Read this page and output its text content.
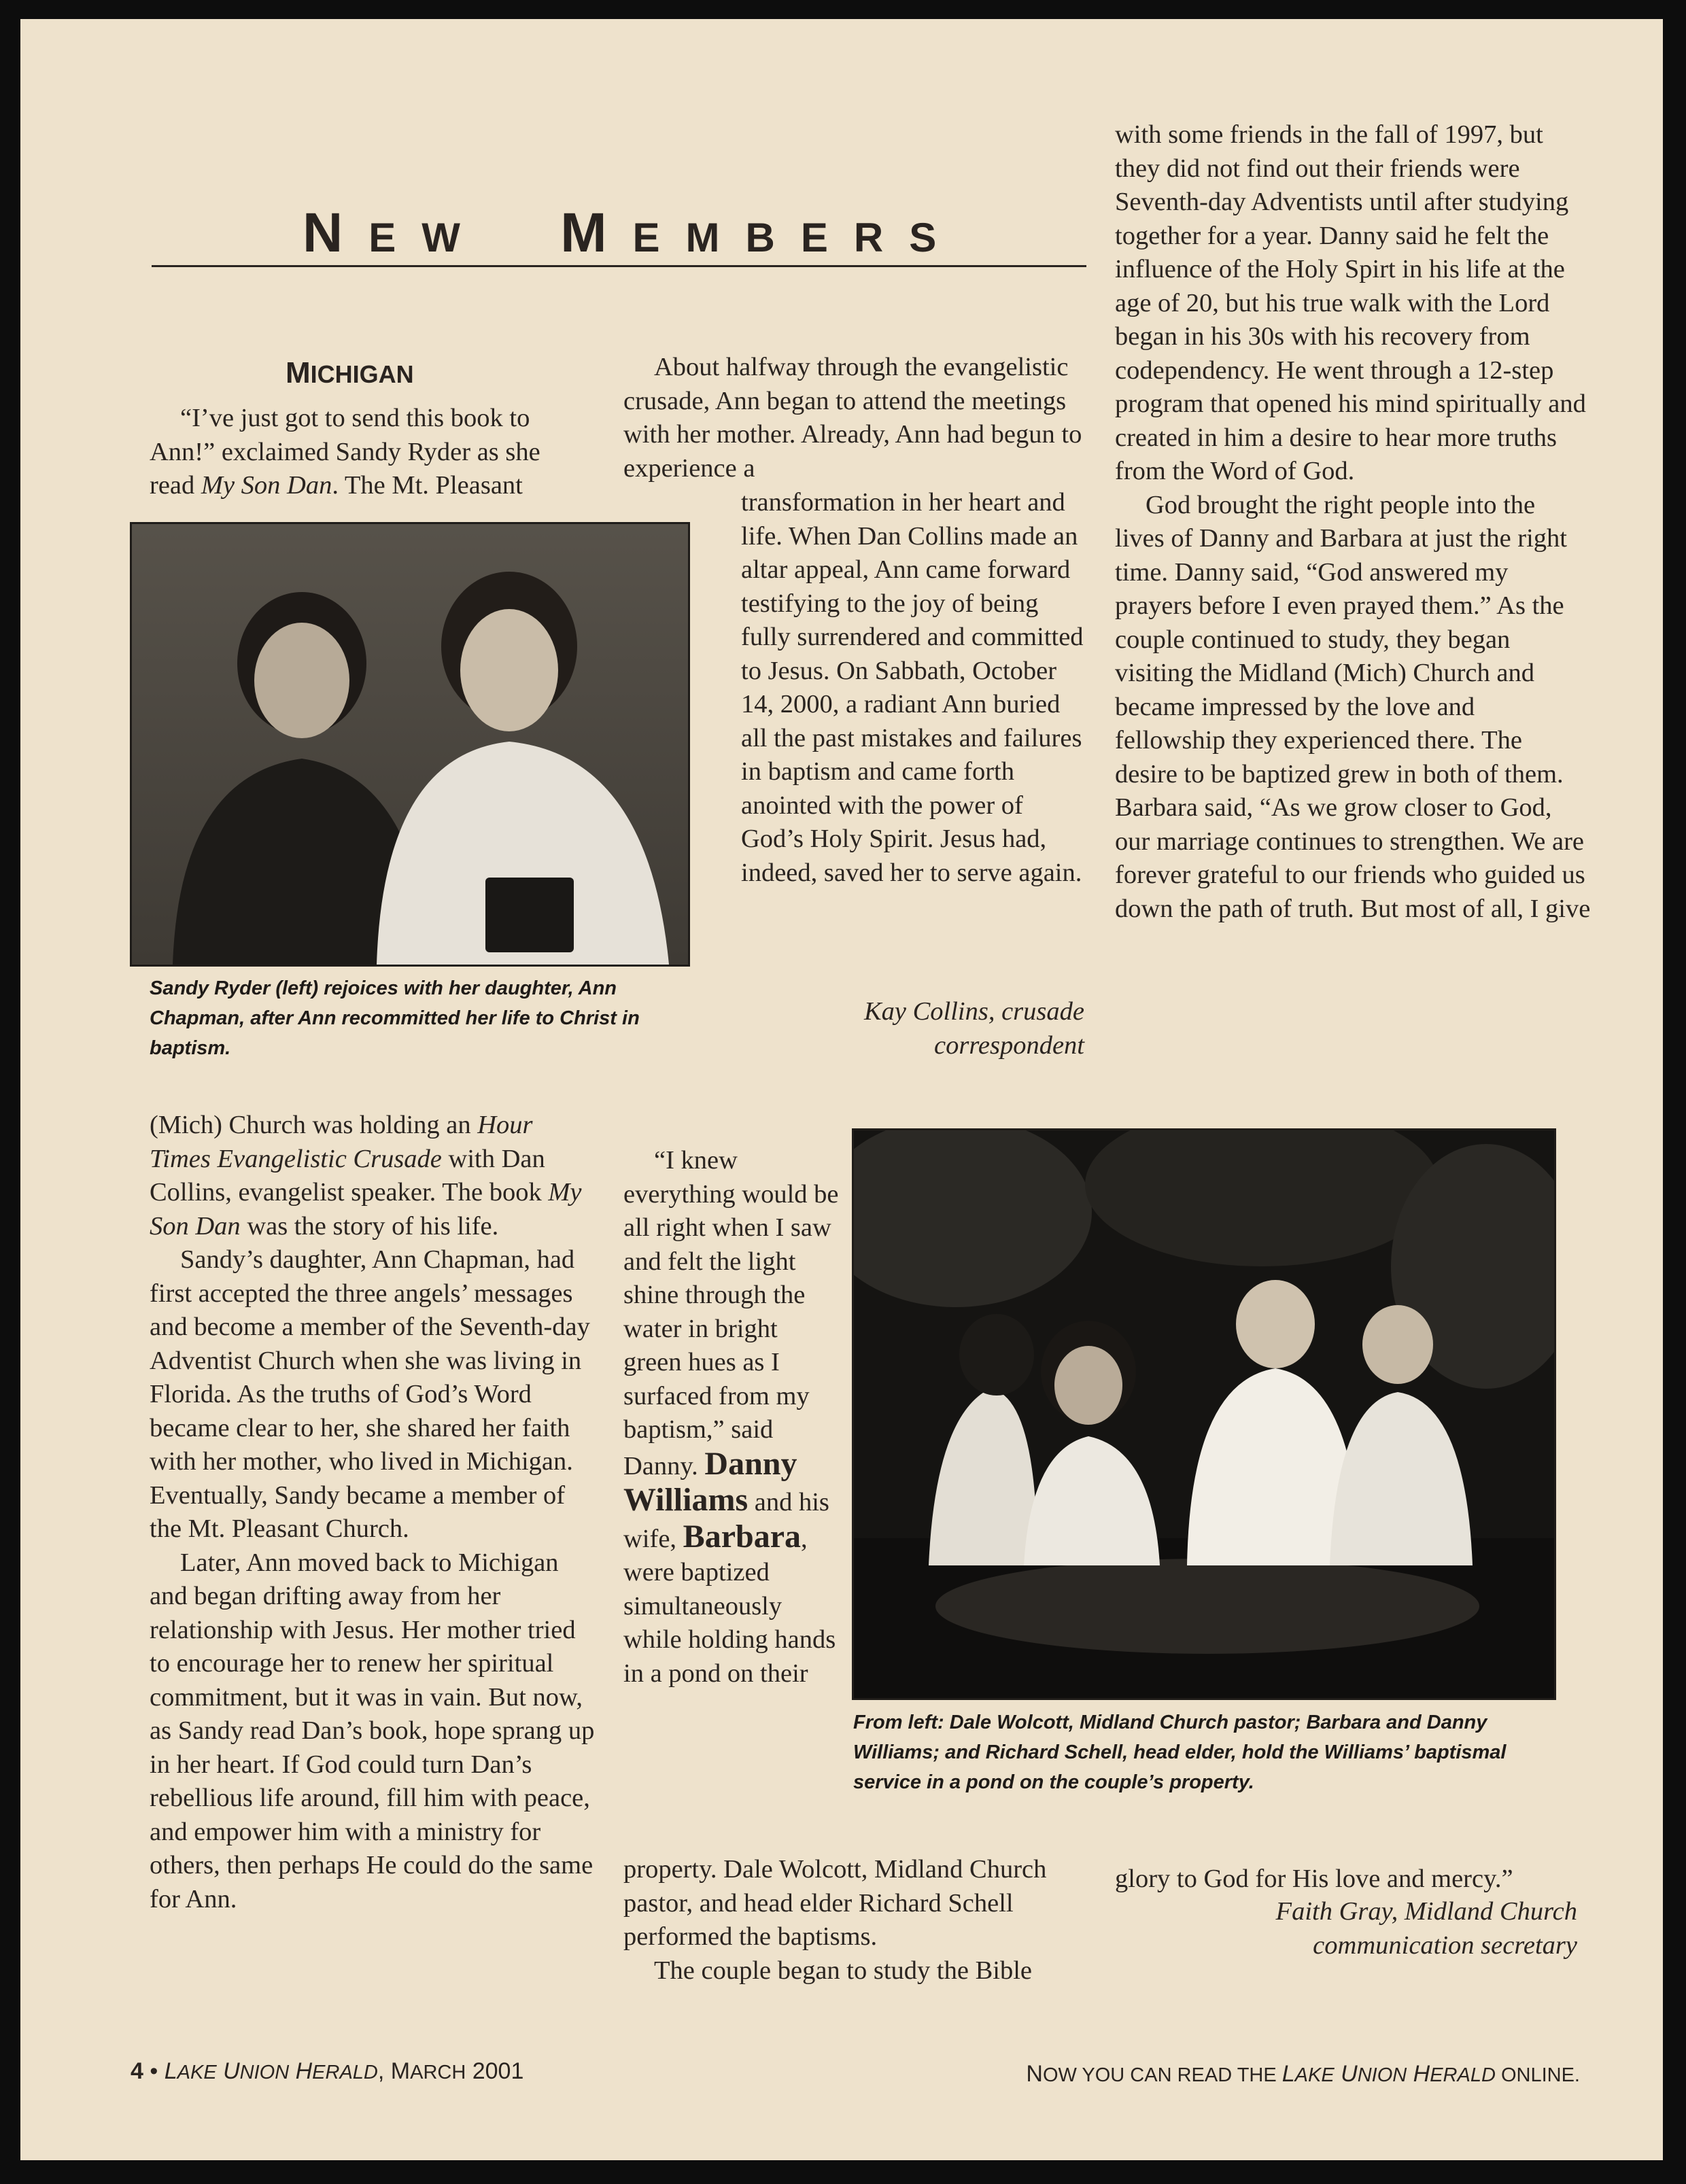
NEW MEMBERS
MICHIGAN

“I’ve just got to send this book to Ann!” exclaimed Sandy Ryder as she read My Son Dan. The Mt. Pleasant

Sandy Ryder (left) rejoices with her daughter, Ann Chapman, after Ann recommitted her life to Christ in baptism.

(Mich) Church was holding an Hour Times Evangelistic Crusade with Dan Collins, evangelist speaker. The book My Son Dan was the story of his life.

Sandy’s daughter, Ann Chapman, had first accepted the three angels’ messages and become a member of the Seventh-day Adventist Church when she was living in Florida. As the truths of God’s Word became clear to her, she shared her faith with her mother, who lived in Michigan. Eventually, Sandy became a member of the Mt. Pleasant Church.

Later, Ann moved back to Michigan and began drifting away from her relationship with Jesus. Her mother tried to encourage her to renew her spiritual commitment, but it was in vain. But now, as Sandy read Dan’s book, hope sprang up in her heart. If God could turn Dan’s rebellious life around, fill him with peace, and empower him with a ministry for others, then perhaps He could do the same for Ann.

About halfway through the evangelistic crusade, Ann began to attend the meetings with her mother. Already, Ann had begun to experience a

transformation in her heart and life. When Dan Collins made an altar appeal, Ann came forward testifying to the joy of being fully surrendered and committed to Jesus. On Sabbath, October 14, 2000, a radiant Ann buried all the past mistakes and failures in baptism and came forth anointed with the power of God’s Holy Spirit. Jesus had, indeed, saved her to serve again.

Kay Collins, crusade

correspondent

“I knew everything would be all right when I saw and felt the light shine through the water in bright green hues as I surfaced from my baptism,” said Danny. Danny Williams and his wife, Barbara, were baptized simultaneously while holding hands in a pond on their

property. Dale Wolcott, Midland Church pastor, and head elder Richard Schell performed the baptisms.

The couple began to study the Bible

with some friends in the fall of 1997, but they did not find out their friends were Seventh-day Adventists until after studying together for a year. Danny said he felt the influence of the Holy Spirt in his life at the age of 20, but his true walk with the Lord began in his 30s with his recovery from codependency. He went through a 12-step program that opened his mind spiritually and created in him a desire to hear more truths from the Word of God.

God brought the right people into the lives of Danny and Barbara at just the right time. Danny said, “God answered my prayers before I even prayed them.” As the couple continued to study, they began visiting the Midland (Mich) Church and became impressed by the love and fellowship they experienced there. The desire to be baptized grew in both of them. Barbara said, “As we grow closer to God, our marriage continues to strengthen. We are forever grateful to our friends who guided us down the path of truth. But most of all, I give

From left: Dale Wolcott, Midland Church pastor; Barbara and Danny Williams; and Richard Schell, head elder, hold the Williams’ baptismal service in a pond on the couple’s property.

glory to God for His love and mercy.”

Faith Gray, Midland Church

communication secretary

4 • LAKE UNION HERALD, MARCH 2001	NOW YOU CAN READ THE LAKE UNION HERALD ONLINE.
